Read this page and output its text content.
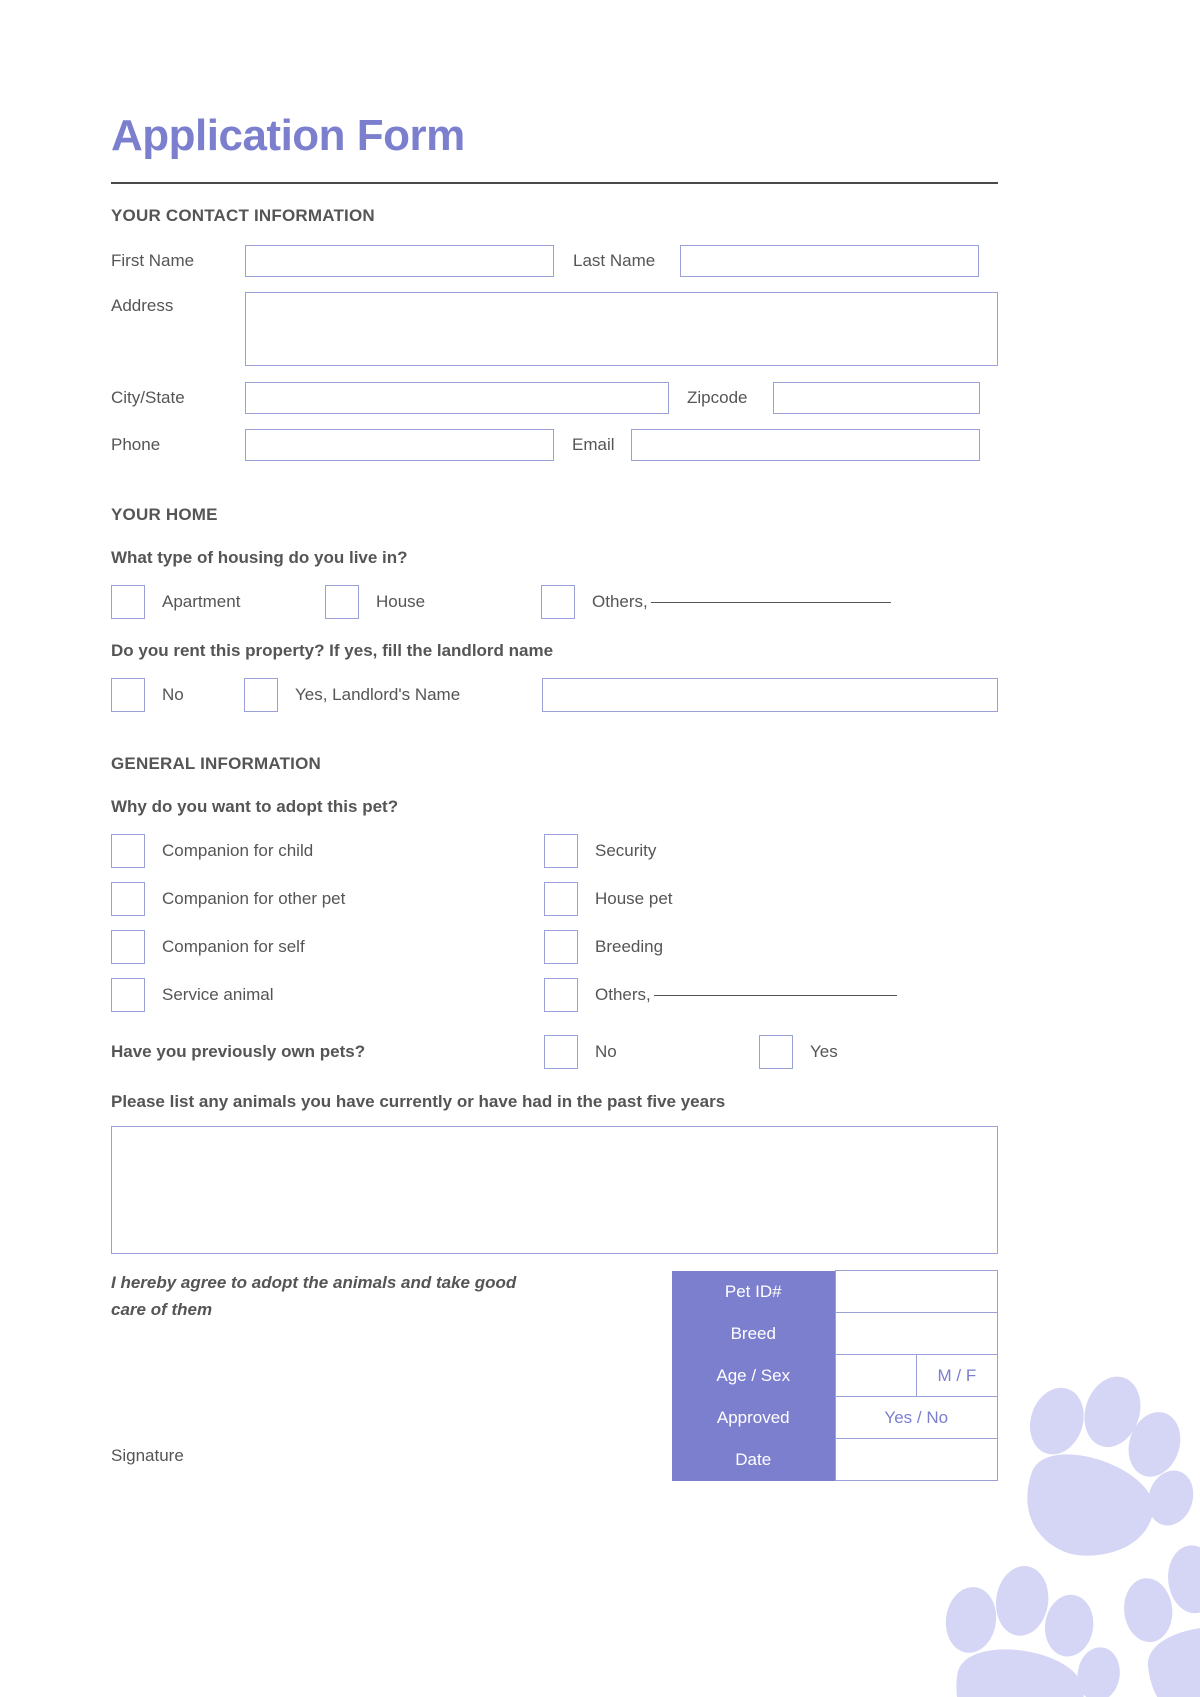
Application Form
YOUR CONTACT INFORMATION
First Name	Last Name
Address
City/State	Zipcode
Phone	Email
YOUR HOME
What type of housing do you live in?
Apartment	House	Others,
Do you rent this property? If yes, fill the landlord name
No	Yes, Landlord's Name
GENERAL INFORMATION
Why do you want to adopt this pet?
Companion for child	Security
Companion for other pet	House pet
Companion for self	Breeding
Service animal	Others,
Have you previously own pets?	No	Yes
Please list any animals you have currently or have had in the past five years
I hereby agree to adopt the animals and take good care of them
Signature
Pet ID#		
Breed		
Age / Sex		M / F
Approved	Yes / No	
Date		
